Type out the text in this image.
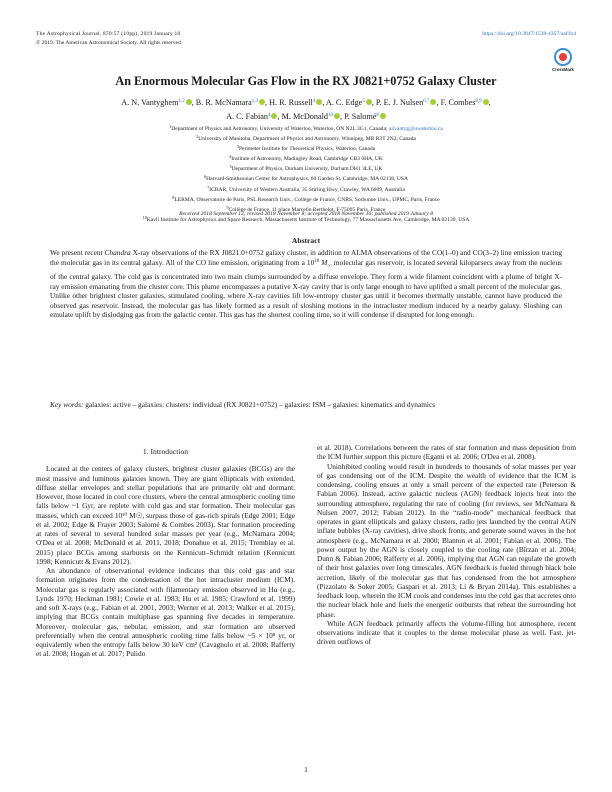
The Astrophysical Journal, 870:57 (10pp), 2019 January 10
© 2019. The American Astronomical Society. All rights reserved.
https://doi.org/10.3847/1538-4357/aaf1b4
CrossMark
An Enormous Molecular Gas Flow in the RX J0821+0752 Galaxy Cluster
A. N. Vantyghem$^{1,2}$ , B. R. McNamara$^{1,3}$ , H. R. Russell$^4$ , A. C. Edge$^5$ , P. E. J. Nulsen$^{6,7}$ , F. Combes$^{8,9}$ ,
A. C. Fabian$^4$ , M. McDonald$^{10}$ , P. Salomé$^8$
$^1$Department of Physics and Astronomy, University of Waterloo, Waterloo, ON N2L 3G1, Canada; a2vantyg@uwaterloo.ca
$^2$University of Manitoba, Department of Physics and Astronomy, Winnipeg, MB R3T 2N2, Canada
$^3$Perimeter Institute for Theoretical Physics, Waterloo, Canada
$^4$Institute of Astronomy, Madingley Road, Cambridge CB3 0HA, UK
$^5$Department of Physics, Durham University, Durham DH1 3LE, UK
$^6$Harvard-Smithsonian Center for Astrophysics, 60 Garden St. Cambridge, MA 02138, USA
$^7$ICRAR, University of Western Australia, 35 Stirling Hwy, Crawley, WA 6009, Australia
$^8$LERMA, Observatoire de Paris, PSL Research Univ., Collège de France, CNRS, Sorbonne Univ., UPMC, Paris, France
$^9$Collège de France, 11 place Marcelin Berthelot, F-75005 Paris, France
$^{10}$Kavli Institute for Astrophysics and Space Research, Massachusetts Institute of Technology, 77 Massachusetts Ave, Cambridge, MA 02139, USA
Received 2018 September 12; revised 2018 November 8; accepted 2018 November 16; published 2019 January 8
Abstract
We present recent Chandra X-ray observations of the RX J0821.0+0752 galaxy cluster, in addition to ALMA observations of the CO(1–0) and CO(3–2) line emission tracing the molecular gas in its central galaxy. All of the CO line emission, originating from a $10^{10}$ $M_☉$ molecular gas reservoir, is located several kiloparsecs away from the nucleus of the central galaxy. The cold gas is concentrated into two main clumps surrounded by a diffuse envelope. They form a wide filament coincident with a plume of bright X-ray emission emanating from the cluster core. This plume encompasses a putative X-ray cavity that is only large enough to have uplifted a small percent of the molecular gas. Unlike other brightest cluster galaxies, stimulated cooling, where X-ray cavities lift low-entropy cluster gas until it becomes thermally unstable, cannot have produced the observed gas reservoir. Instead, the molecular gas has likely formed as a result of sloshing motions in the intracluster medium induced by a nearby galaxy. Sloshing can emulate uplift by dislodging gas from the galactic center. This gas has the shortest cooling time, so it will condense if disrupted for long enough.
Key words: galaxies: active – galaxies: clusters: individual (RX J0821+0752) – galaxies: ISM – galaxies: kinematics and dynamics
1. Introduction

Located at the centers of galaxy clusters, brightest cluster galaxies (BCGs) are the most massive and luminous galaxies known. They are giant ellipticals with extended, diffuse stellar envelopes and stellar populations that are primarily old and dormant. However, those located in cool core clusters, where the central atmospheric cooling time falls below ~1 Gyr, are replete with cold gas and star formation. Their molecular gas masses, which can exceed 10¹⁰ M☉, surpass those of gas-rich spirals (Edge 2001; Edge et al. 2002; Edge & Frayer 2003; Salomé & Combes 2003). Star formation proceeding at rates of several to several hundred solar masses per year (e.g., McNamara 2004; O'Dea et al. 2008; McDonald et al. 2011, 2018; Donahue et al. 2015; Tremblay et al. 2015) place BCGs among starbursts on the Kennicutt–Schmidt relation (Kennicutt 1998; Kennicutt & Evans 2012).

An abundance of observational evidence indicates that this cold gas and star formation originates from the condensation of the hot intracluster medium (ICM). Molecular gas is regularly associated with filamentary emission observed in Hα (e.g., Lynds 1970; Heckman 1981; Cowie et al. 1983; Hu et al. 1985; Crawford et al. 1999) and soft X-rays (e.g., Fabian et al. 2001, 2003; Werner et al. 2013; Walker et al. 2015), implying that BCGs contain multiphase gas spanning five decades in temperature. Moreover, molecular gas, nebular, emission, and star formation are observed preferentially when the central atmospheric cooling time falls below ~5 × 10⁸ yr, or equivalently when the entropy falls below 30 keV cm² (Cavagnolo et al. 2008; Rafferty et al. 2008; Hogan et al. 2017; Pulido

et al. 2018). Correlations between the rates of star formation and mass deposition from the ICM further support this picture (Egami et al. 2006; O'Dea et al. 2008).

Uninhibited cooling would result in hundreds to thousands of solar masses per year of gas condensing out of the ICM. Despite the wealth of evidence that the ICM is condensing, cooling ensues at only a small percent of the expected rate (Peterson & Fabian 2006). Instead, active galactic nucleus (AGN) feedback injects heat into the surrounding atmosphere, regulating the rate of cooling (for reviews, see McNamara & Nulsen 2007, 2012; Fabian 2012). In the “radio-mode” mechanical feedback that operates in giant ellipticals and galaxy clusters, radio jets launched by the central AGN inflate bubbles (X-ray cavities), drive shock fronts, and generate sound waves in the hot atmosphere (e.g., McNamara et al. 2000; Blanton et al. 2001; Fabian et al. 2006). The power output by the AGN is closely coupled to the cooling rate (Bîrzan et al. 2004; Dunn & Fabian 2006; Rafferty et al. 2006), implying that AGN can regulate the growth of their host galaxies over long timescales. AGN feedback is fueled through black hole accretion, likely of the molecular gas that has condensed from the hot atmosphere (Pizzolato & Soker 2005; Gaspari et al. 2013; Li & Bryan 2014a). This establishes a feedback loop, wherein the ICM cools and condenses into the cold gas that accretes onto the nuclear black hole and fuels the energetic outbursts that reheat the surrounding hot phase.

While AGN feedback primarily affects the volume-filling hot atmosphere, recent observations indicate that it couples to the dense molecular phase as well. Fast, jet-driven outflows of

1
